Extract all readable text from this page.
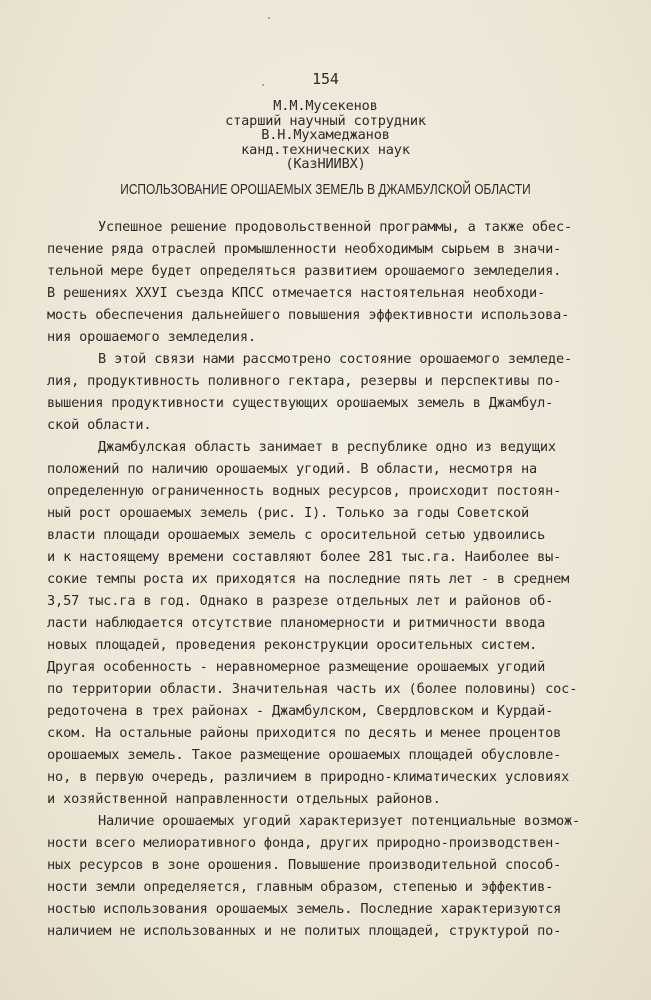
154
М.М.Мусекенов
старший научный сотрудник
В.Н.Мухамеджанов
канд.технических наук
(КазНИИВХ)
ИСПОЛЬЗОВАНИЕ ОРОШАЕМЫХ ЗЕМЕЛЬ В ДЖАМБУЛСКОЙ ОБЛАСТИ
Успешное решение продовольственной программы, а также обес-
печение ряда отраслей промышленности необходимым сырьем в значи-
тельной мере будет определяться развитием орошаемого земледелия.
В решениях ХХУI съезда КПСС отмечается настоятельная необходи-
мость обеспечения дальнейшего повышения эффективности использова-
ния орошаемого земледелия.
В этой связи нами рассмотрено состояние орошаемого земледе-
лия, продуктивность поливного гектара, резервы и перспективы по-
вышения продуктивности существующих орошаемых земель в Джамбул-
ской области.
Джамбулская область занимает в республике одно из ведущих
положений по наличию орошаемых угодий. В области, несмотря на
определенную ограниченность водных ресурсов, происходит постоян-
ный рост орошаемых земель (рис. I). Только за годы Советской
власти площади орошаемых земель с оросительной сетью удвоились
и к настоящему времени составляют более 281 тыс.га. Наиболее вы-
сокие темпы роста их приходятся на последние пять лет - в среднем
3,57 тыс.га в год. Однако в разрезе отдельных лет и районов об-
ласти наблюдается отсутствие планомерности и ритмичности ввода
новых площадей, проведения реконструкции оросительных систем.
Другая особенность - неравномерное размещение орошаемых угодий
по территории области. Значительная часть их (более половины) сос-
редоточена в трех районах - Джамбулском, Свердловском и Курдай-
ском. На остальные районы приходится по десять и менее процентов
орошаемых земель. Такое размещение орошаемых площадей обусловле-
но, в первую очередь, различием в природно-климатических условиях
и хозяйственной направленности отдельных районов.
Наличие орошаемых угодий характеризует потенциальные возмож-
ности всего мелиоративного фонда, других природно-производствен-
ных ресурсов в зоне орошения. Повышение производительной способ-
ности земли определяется, главным образом, степенью и эффектив-
ностью использования орошаемых земель. Последние характеризуются
наличием не использованных и не политых площадей, структурой по-
